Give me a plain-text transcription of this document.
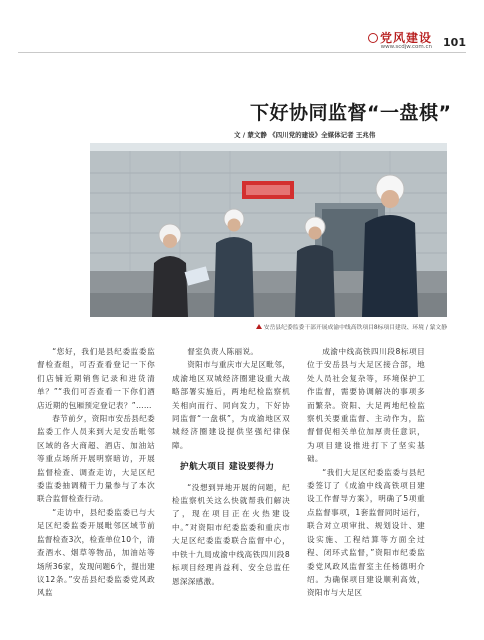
党风建设
www.scdjw.com.cn 101
下好协同监督“一盘棋”
文 / 蒙文静 《四川党的建设》全媒体记者 王兆伟
安岳县纪委监委干部开展成渝中线高铁项目8标项目建设、环境 / 蒙文静

“您好，我们是县纪委监委监督检查组，可否查看登记一下你们店铺近期销售记录和进货清单？”“我们可否查看一下你们酒店近期的包厢预定登记表？”……

春节前夕，资阳市安岳县纪委监委工作人员来到大足安岳毗邻区域的各大商超、酒店、加油站等重点场所开展明察暗访，开展监督检查、调查走访，大足区纪委监委抽调精干力量参与了本次联合监督检查行动。

“走访中，县纪委监委已与大足区纪委监委开展毗邻区域节前监督检查3次，检查单位10个，清查酒水、烟草等物品，加油站等场所36家，发现问题6个，提出建议12条。”安岳县纪委监委党风政风监

督室负责人陈丽说。

资阳市与重庆市大足区毗邻，成渝地区双城经济圈建设重大战略部署实施后，两地纪检监察机关相向而行、同向发力，下好协同监督“一盘棋”，为成渝地区双城经济圈建设提供坚强纪律保障。

护航大项目 建设要得力

“没想到异地开展的问题，纪检监察机关这么快就帮我们解决了，现在项目正在火热建设中。”对资阳市纪委监委和重庆市大足区纪委监委联合监督中心，中铁十九局成渝中线高铁四川段8标项目经理肖益利、安全总监任恩深深感激。

成渝中线高铁四川段8标项目位于安岳县与大足区接合部，地处人员社会复杂等，环境保护工作监督，需要协调解决的事项多而繁杂。资阳、大足两地纪检监察机关要重监督、主动作为，监督督促相关单位加厚责任意识，为项目建设推进打下了坚实基础。

“我们大足区纪委监委与县纪委签订了《成渝中线高铁项目建设工作督导方案》，明确了5项重点监督事项，1套监督同时运行，联合对立项审批、规划设计、建设实施、工程结算等方面全过程、闭环式监督，”资阳市纪委监委党风政风监督室主任杨德明介绍。为确保项目建设顺利高效，资阳市与大足区
